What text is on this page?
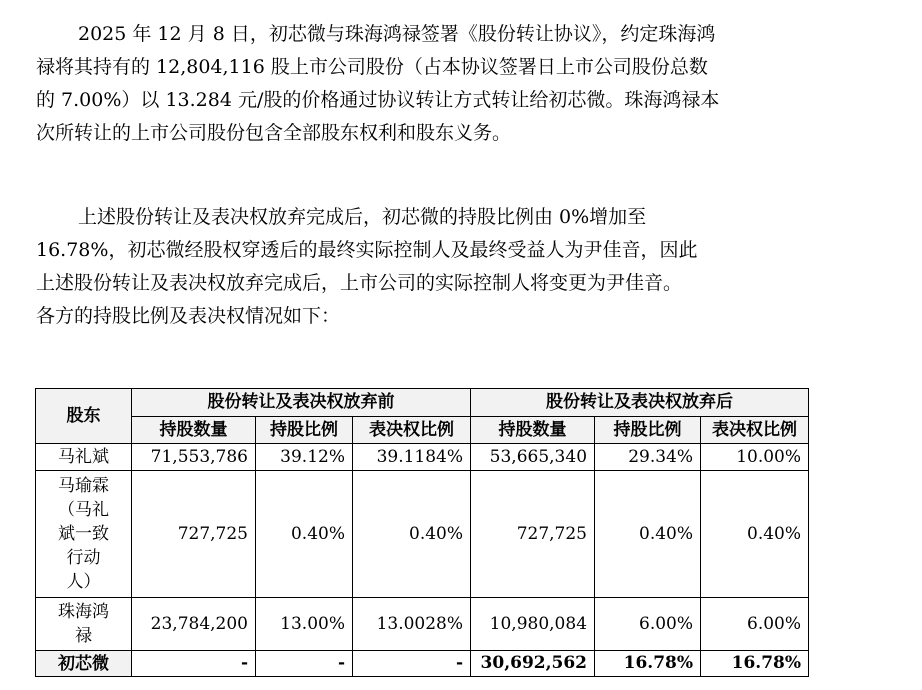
2025 年 12 月 8 日，初芯微与珠海鸿禄签署《股份转让协议》，约定珠海鸿
禄将其持有的 12,804,116 股上市公司股份（占本协议签署日上市公司股份总数
的 7.00%）以 13.284 元/股的价格通过协议转让方式转让给初芯微。珠海鸿禄本
次所转让的上市公司股份包含全部股东权利和股东义务。
上述股份转让及表决权放弃完成后，初芯微的持股比例由 0%增加至
16.78%，初芯微经股权穿透后的最终实际控制人及最终受益人为尹佳音，因此
上述股份转让及表决权放弃完成后，上市公司的实际控制人将变更为尹佳音。
各方的持股比例及表决权情况如下：
股东	股份转让及表决权放弃前			股份转让及表决权放弃后		
	持股数量	持股比例	表决权比例	持股数量	持股比例	表决权比例

马礼斌	71,553,786	39.12%	39.1184%	53,665,340	29.34%	10.00%

马瑜霖
（马礼
斌一致
行动
人）	727,725	0.40%	0.40%	727,725	0.40%	0.40%

珠海鸿
禄	23,784,200	13.00%	13.0028%	10,980,084	6.00%	6.00%

初芯微	-	-	-	30,692,562	16.78%	16.78%
